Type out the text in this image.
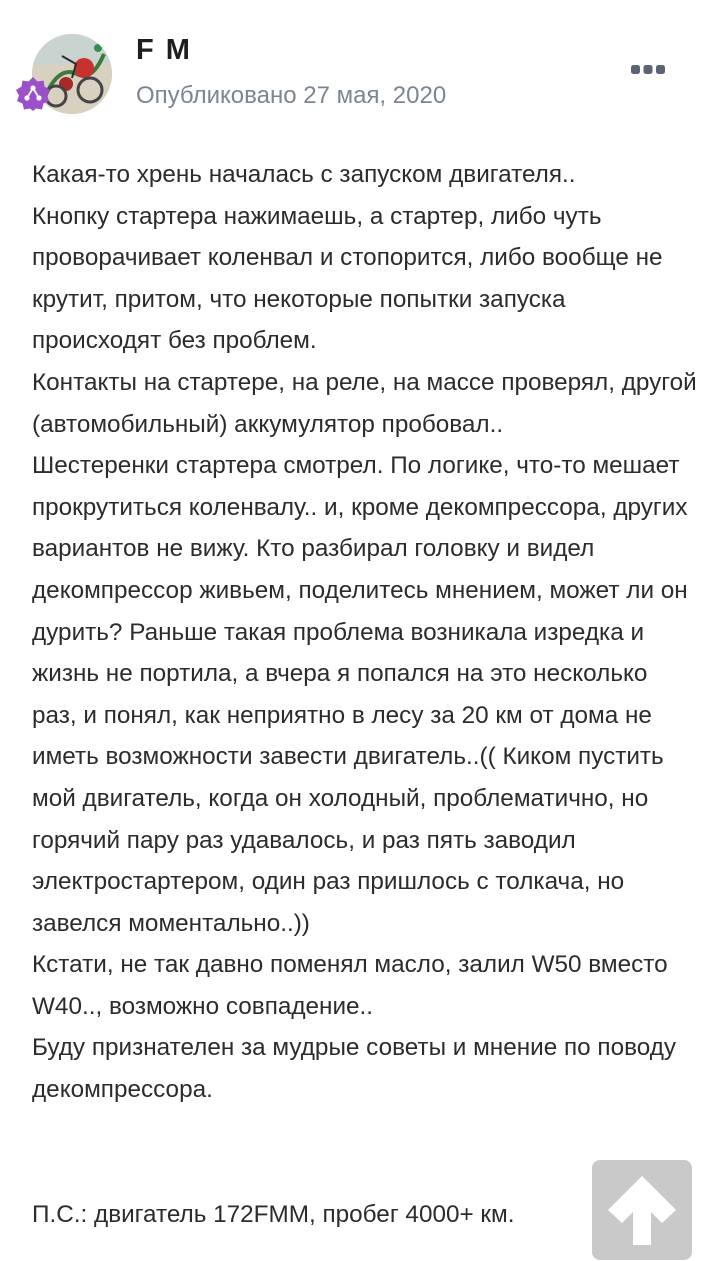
F M
Опубликовано 27 мая, 2020

Какая-то хрень началась с запуском двигателя..
Кнопку стартера нажимаешь, а стартер, либо чуть проворачивает коленвал и стопорится, либо вообще не крутит, притом, что некоторые попытки запуска происходят без проблем.
Контакты на стартере, на реле, на массе проверял, другой (автомобильный) аккумулятор пробовал..
Шестеренки стартера смотрел. По логике, что-то мешает прокрутиться коленвалу.. и, кроме декомпрессора, других вариантов не вижу. Кто разбирал головку и видел декомпрессор живьем, поделитесь мнением, может ли он дурить? Раньше такая проблема возникала изредка и жизнь не портила, а вчера я попался на это несколько раз, и понял, как неприятно в лесу за 20 км от дома не иметь возможности завести двигатель..(( Киком пустить мой двигатель, когда он холодный, проблематично, но горячий пару раз удавалось, и раз пять заводил электростартером, один раз пришлось с толкача, но завелся моментально..))
Кстати, не так давно поменял масло, залил W50 вместо W40.., возможно совпадение..
Буду признателен за мудрые советы и мнение по поводу декомпрессора.

П.С.: двигатель 172FMM, пробег 4000+ км.
